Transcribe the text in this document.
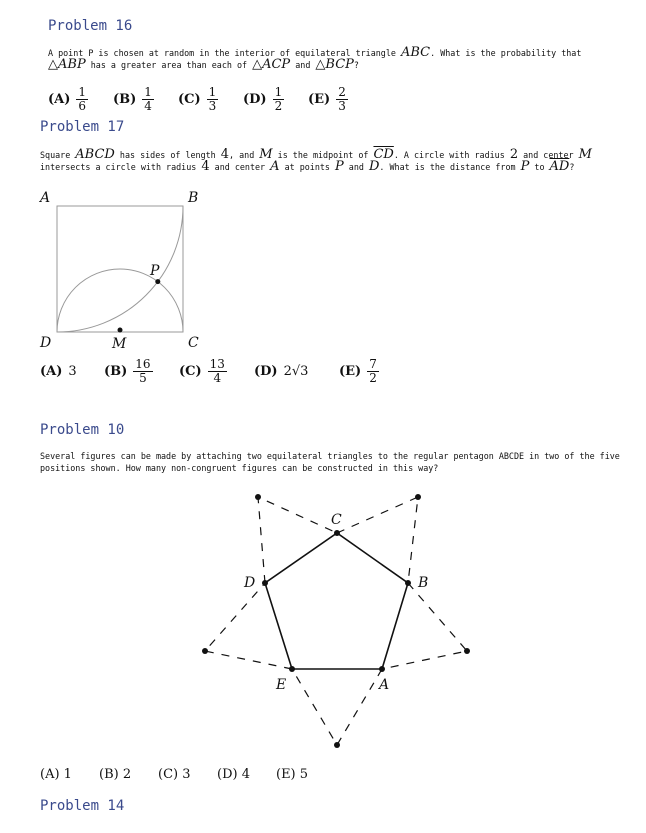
Problem 16

A point P is chosen at random in the interior of equilateral triangle ABC. What is the probability that
△ABP has a greater area than each of △ACP and △BCP?

$(A) \frac{1}{6} (B) \frac{1}{4} (C) \frac{1}{3} (D) \frac{1}{2} (E) \frac{2}{3}$
Problem 17

Square ABCD has sides of length 4, and M is the midpoint of $\overline{CD}$. A circle with radius 2 and center M
intersects a circle with radius 4 and center A at points P and D. What is the distance from P to $\overline{AD}$?

A	B
C
D	M
P
(A) 3 $(B) \frac{16}{5} (C) \frac{13}{4} (D)$ 2√3 $(E) \frac{7}{2}$
Problem 10

Several figures can be made by attaching two equilateral triangles to the regular pentagon ABCDE in two of the five
positions shown. How many non-congruent figures can be constructed in this way?

A
B
C
D
E
(A) 1	(B) 2	(C) 3	(D) 4	(E) 5
Problem 14
